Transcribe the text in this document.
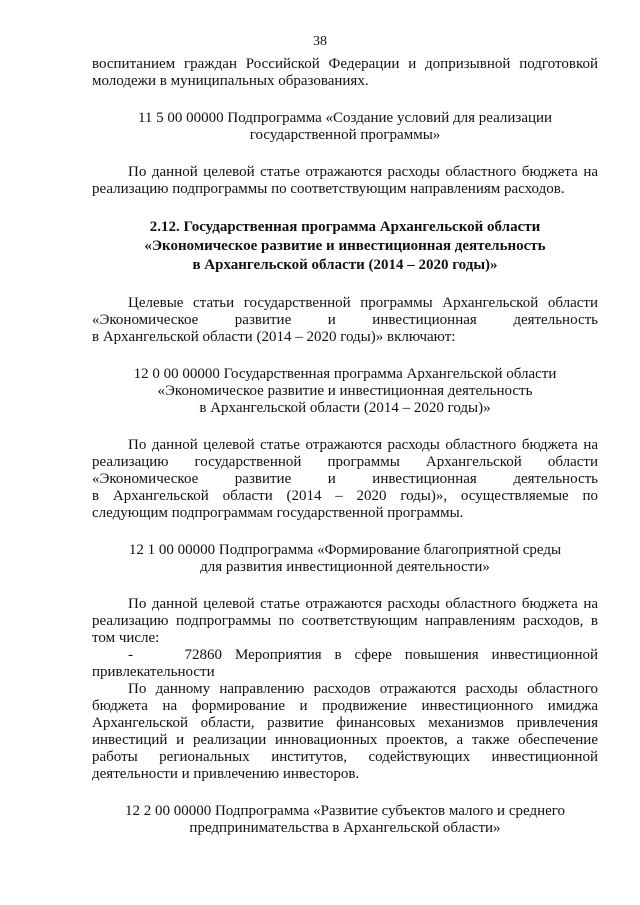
38

воспитанием граждан Российской Федерации и допризывной подготовкой
молодежи в муниципальных образованиях.

11 5 00 00000 Подпрограмма «Создание условий для реализации
государственной программы»

По данной целевой статье отражаются расходы областного бюджета на
реализацию подпрограммы по соответствующим направлениям расходов.

2.12. Государственная программа Архангельской области
«Экономическое развитие и инвестиционная деятельность
в Архангельской области (2014 – 2020 годы)»

Целевые статьи государственной программы Архангельской области
«Экономическое развитие и инвестиционная деятельность
в Архангельской области (2014 – 2020 годы)» включают:

12 0 00 00000 Государственная программа Архангельской области
«Экономическое развитие и инвестиционная деятельность
в Архангельской области (2014 – 2020 годы)»

По данной целевой статье отражаются расходы областного бюджета на
реализацию государственной программы Архангельской области
«Экономическое развитие и инвестиционная деятельность
в Архангельской области (2014 – 2020 годы)», осуществляемые по
следующим подпрограммам государственной программы.

12 1 00 00000 Подпрограмма «Формирование благоприятной среды
для развития инвестиционной деятельности»

По данной целевой статье отражаются расходы областного бюджета на
реализацию подпрограммы по соответствующим направлениям расходов, в
том числе:

-    72860 Мероприятия в сфере повышения инвестиционной
привлекательности

По данному направлению расходов отражаются расходы областного
бюджета на формирование и продвижение инвестиционного имиджа
Архангельской области, развитие финансовых механизмов привлечения
инвестиций и реализации инновационных проектов, а также обеспечение
работы региональных институтов, содействующих инвестиционной
деятельности и привлечению инвесторов.

12 2 00 00000 Подпрограмма «Развитие субъектов малого и среднего
предпринимательства в Архангельской области»
